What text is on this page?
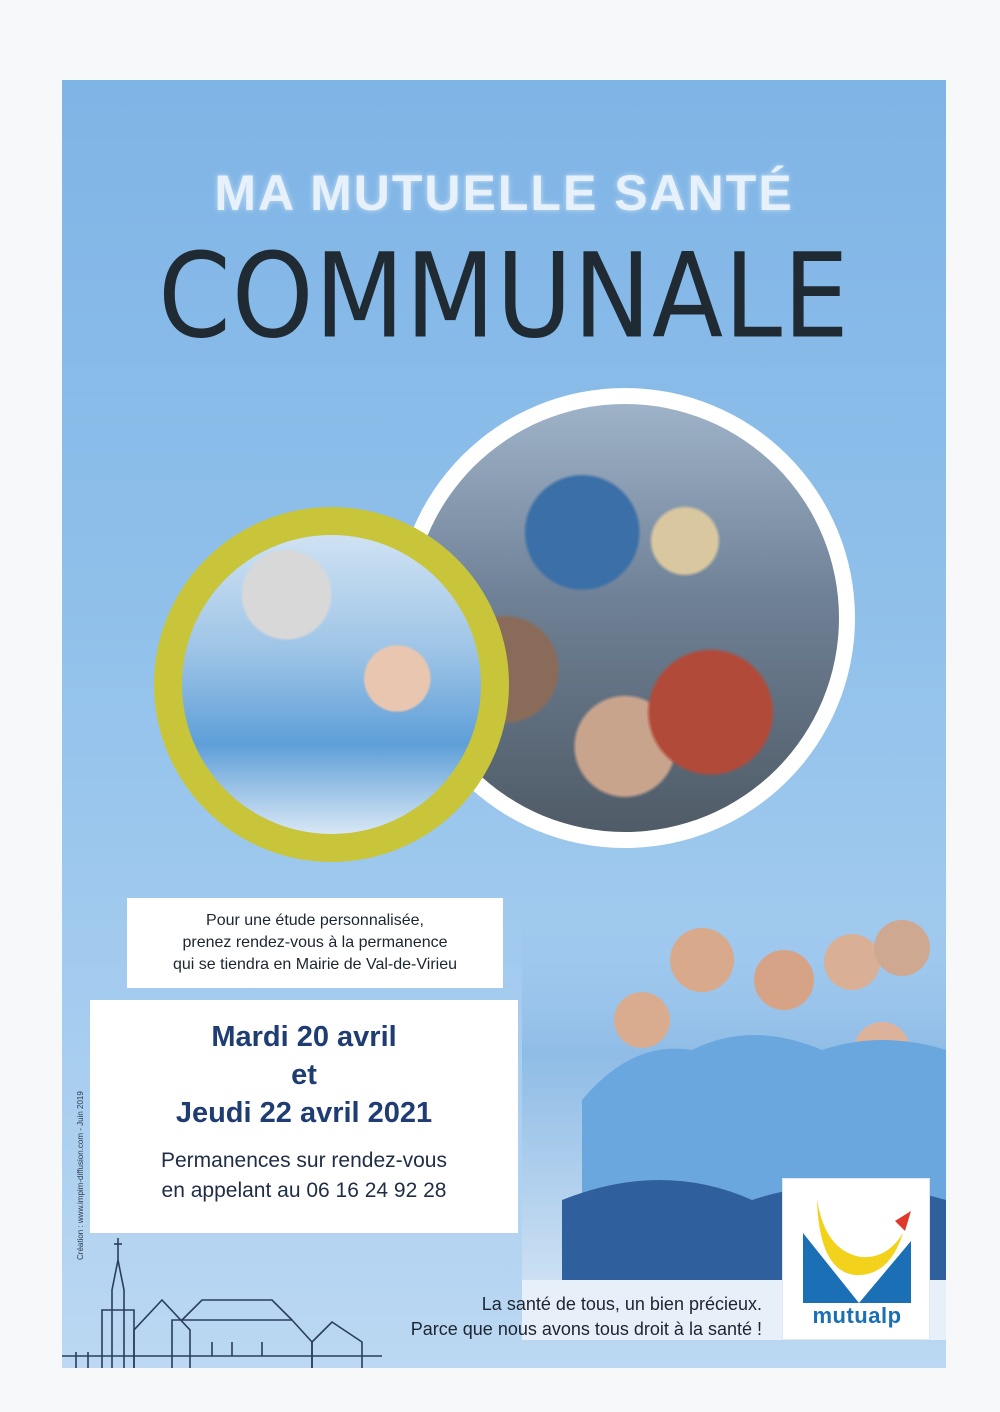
MA MUTUELLE SANTÉ
COMMUNALE
Pour une étude personnalisée,
prenez rendez-vous à la permanence
qui se tiendra en Mairie de Val-de-Virieu
Mardi 20 avril
et
Jeudi 22 avril 2021
Permanences sur rendez-vous
en appelant au 06 16 24 92 28
Création : www.impim-diffusion.com - Juin 2019
La santé de tous, un bien précieux.
Parce que nous avons tous droit à la santé !
mutualp
